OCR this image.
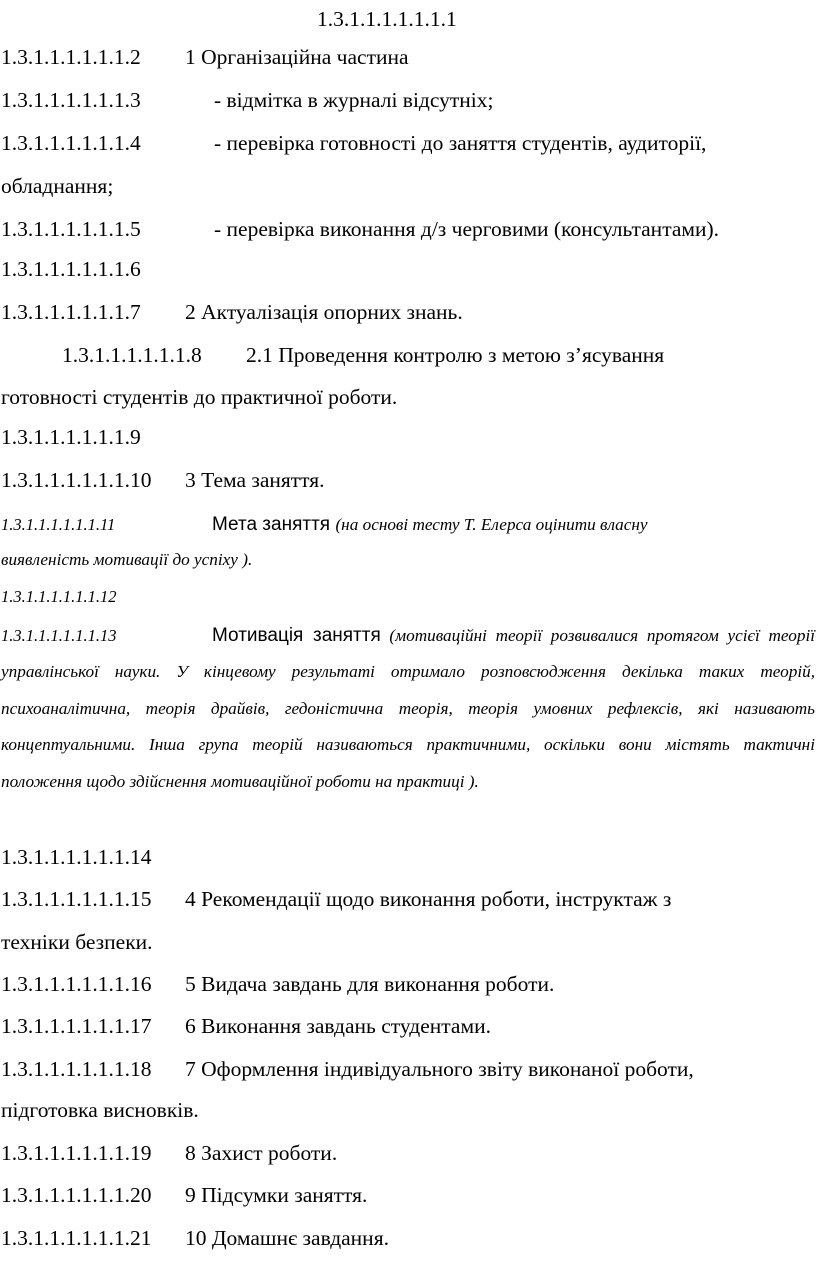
1.3.1.1.1.1.1.1.1
1.3.1.1.1.1.1.1.2 1 Організаційна частина
1.3.1.1.1.1.1.1.3	- відмітка в журналі відсутніх;
1.3.1.1.1.1.1.1.4	- перевірка готовності до заняття студентів, аудиторії,
обладнання;
1.3.1.1.1.1.1.1.5	- перевірка виконання д/з черговими (консультантами).
1.3.1.1.1.1.1.1.6
1.3.1.1.1.1.1.1.7 2 Актуалізація опорних знань.
1.3.1.1.1.1.1.1.8 2.1 Проведення контролю з метою з’ясування
готовності студентів до практичної роботи.
1.3.1.1.1.1.1.1.9
1.3.1.1.1.1.1.1.10 3 Тема заняття.
1.3.1.1.1.1.1.1.11	Мета заняття (на основі тесту Т. Елерса оцінити власну
виявленість мотивації до успіху ).
1.3.1.1.1.1.1.1.12
1.3.1.1.1.1.1.1.13	Мотивація заняття (мотиваційні теорії розвивалися протягом усієї теорії управлінської науки. У кінцевому результаті отримало розповсюдження декілька таких теорій, психоаналітична, теорія драйвів, гедоністична теорія, теорія умовних рефлексів, які називають концептуальними. Інша група теорій називаються практичними, оскільки вони містять тактичні положення щодо здійснення мотиваційної роботи на практиці ).
1.3.1.1.1.1.1.1.14
1.3.1.1.1.1.1.1.15 4 Рекомендації щодо виконання роботи, інструктаж з
техніки безпеки.
1.3.1.1.1.1.1.1.16 5 Видача завдань для виконання роботи.
1.3.1.1.1.1.1.1.17 6 Виконання завдань студентами.
1.3.1.1.1.1.1.1.18 7 Оформлення індивідуального звіту виконаної роботи,
підготовка висновків.
1.3.1.1.1.1.1.1.19 8 Захист роботи.
1.3.1.1.1.1.1.1.20 9 Підсумки заняття.
1.3.1.1.1.1.1.1.21 10 Домашнє завдання.
